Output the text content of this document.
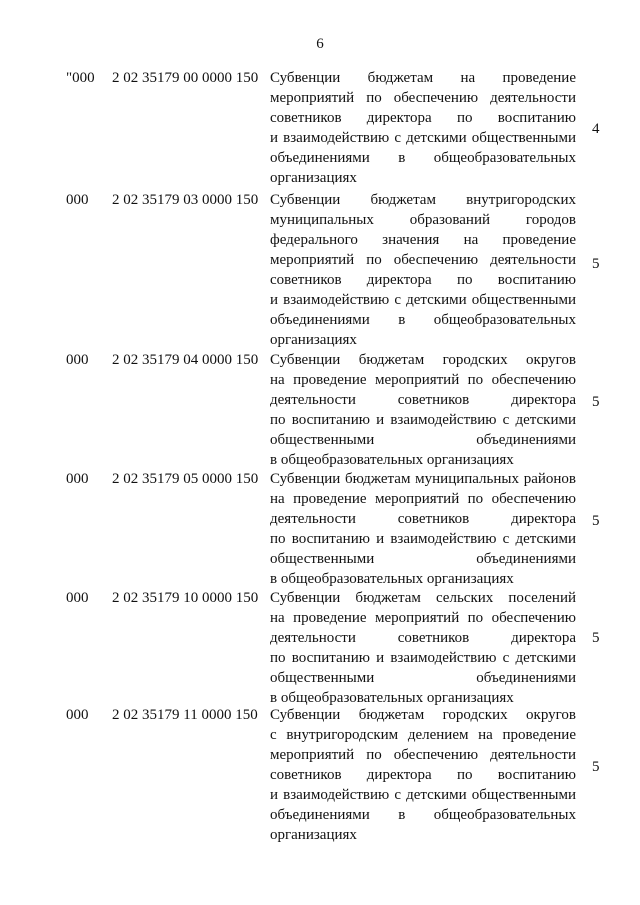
6
"000 2 02 35179 00 0000 150 Субвенции бюджетам на проведение
мероприятий по обеспечению деятельности
советников директора по воспитанию
и взаимодействию с детскими общественными
объединениями в общеобразовательных
организациях
4
000 2 02 35179 03 0000 150 Субвенции бюджетам внутригородских
муниципальных образований городов
федерального значения на проведение
мероприятий по обеспечению деятельности
советников директора по воспитанию
и взаимодействию с детскими общественными
объединениями в общеобразовательных
организациях
5
000 2 02 35179 04 0000 150 Субвенции бюджетам городских округов
на проведение мероприятий по обеспечению
деятельности советников директора
по воспитанию и взаимодействию с детскими
общественными объединениями
в общеобразовательных организациях
5
000 2 02 35179 05 0000 150 Субвенции бюджетам муниципальных районов
на проведение мероприятий по обеспечению
деятельности советников директора
по воспитанию и взаимодействию с детскими
общественными объединениями
в общеобразовательных организациях
5
000 2 02 35179 10 0000 150 Субвенции бюджетам сельских поселений
на проведение мероприятий по обеспечению
деятельности советников директора
по воспитанию и взаимодействию с детскими
общественными объединениями
в общеобразовательных организациях
5
000 2 02 35179 11 0000 150 Субвенции бюджетам городских округов
с внутригородским делением на проведение
мероприятий по обеспечению деятельности
советников директора по воспитанию
и взаимодействию с детскими общественными
объединениями в общеобразовательных
организациях
5
